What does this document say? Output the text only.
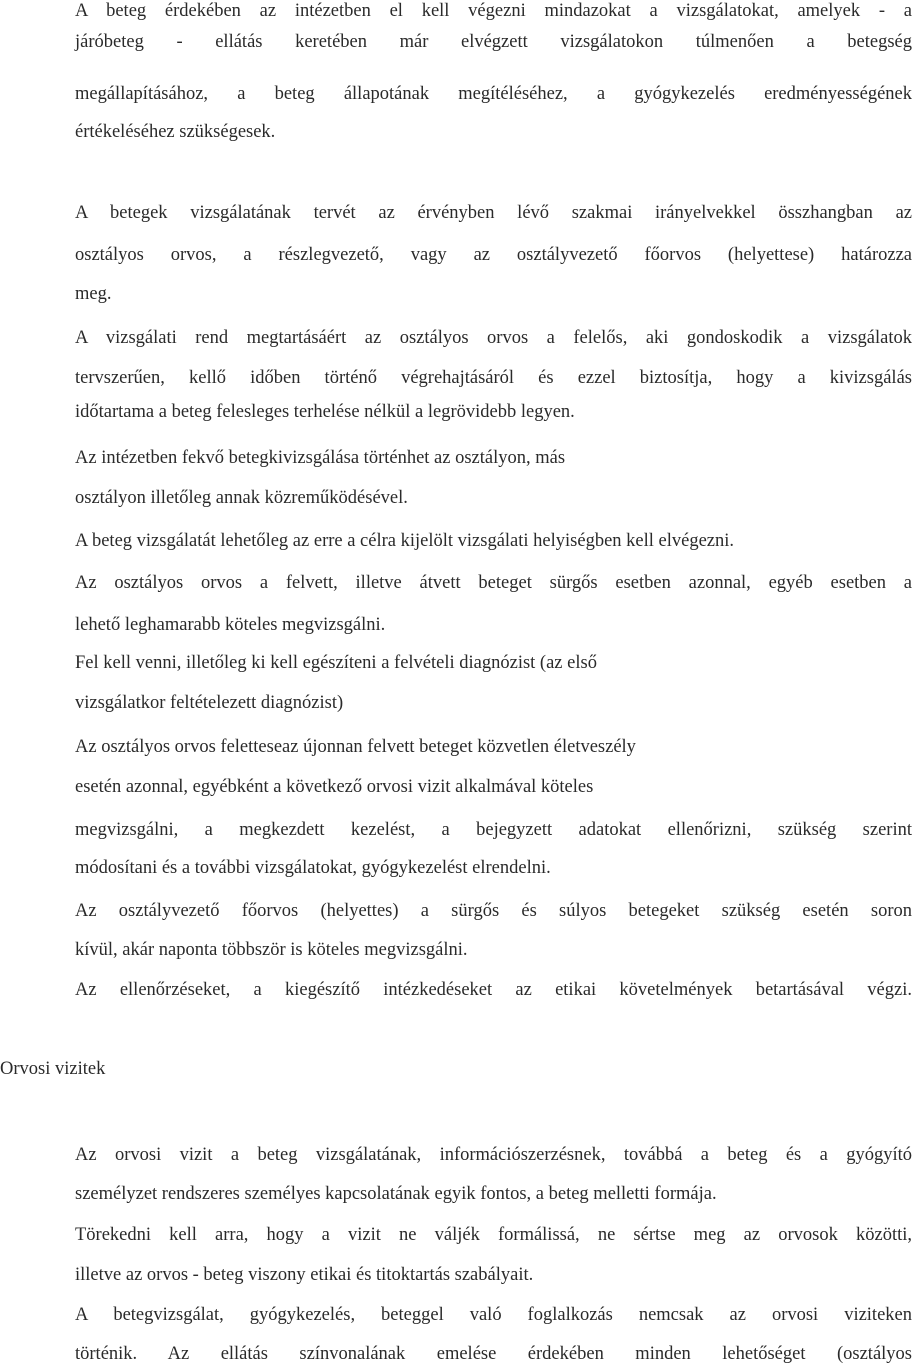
A beteg érdekében az intézetben el kell végezni mindazokat a vizsgálatokat, amelyek - a
járóbeteg - ellátás keretében már elvégzett vizsgálatokon túlmenően a betegség
megállapításához, a beteg állapotának megítéléséhez, a gyógykezelés eredményességének
értékeléséhez szükségesek.
A betegek vizsgálatának tervét az érvényben lévő szakmai irányelvekkel összhangban az
osztályos orvos, a részlegvezető, vagy az osztályvezető főorvos (helyettese) határozza
meg.
A vizsgálati rend megtartásáért az osztályos orvos a felelős, aki gondoskodik a vizsgálatok
tervszerűen, kellő időben történő végrehajtásáról és ezzel biztosítja, hogy a kivizsgálás
időtartama a beteg felesleges terhelése nélkül a legrövidebb legyen.
Az intézetben fekvő betegkivizsgálása történhet az osztályon, más
osztályon illetőleg annak közreműködésével.
A beteg vizsgálatát lehetőleg az erre a célra kijelölt vizsgálati helyiségben kell elvégezni.
Az osztályos orvos a felvett, illetve átvett beteget sürgős esetben azonnal, egyéb esetben a
lehető leghamarabb köteles megvizsgálni.
Fel kell venni, illetőleg ki kell egészíteni a felvételi diagnózist (az első
vizsgálatkor feltételezett diagnózist)
Az osztályos orvos feletteseaz újonnan felvett beteget közvetlen életveszély
esetén azonnal, egyébként a következő orvosi vizit alkalmával köteles
megvizsgálni, a megkezdett kezelést, a bejegyzett adatokat ellenőrizni, szükség szerint
módosítani és a további vizsgálatokat, gyógykezelést elrendelni.
Az osztályvezető főorvos (helyettes) a sürgős és súlyos betegeket szükség esetén soron
kívül, akár naponta többször is köteles megvizsgálni.
Az ellenőrzéseket, a kiegészítő intézkedéseket az etikai követelmények betartásával végzi.
Orvosi vizitek
Az orvosi vizit a beteg vizsgálatának, információszerzésnek, továbbá a beteg és a gyógyító
személyzet rendszeres személyes kapcsolatának egyik fontos, a beteg melletti formája.
Törekedni kell arra, hogy a vizit ne váljék formálissá, ne sértse meg az orvosok közötti,
illetve az orvos - beteg viszony etikai és titoktartás szabályait.
A betegvizsgálat, gyógykezelés, beteggel való foglalkozás nemcsak az orvosi viziteken
történik. Az ellátás színvonalának emelése érdekében minden lehetőséget (osztályos
